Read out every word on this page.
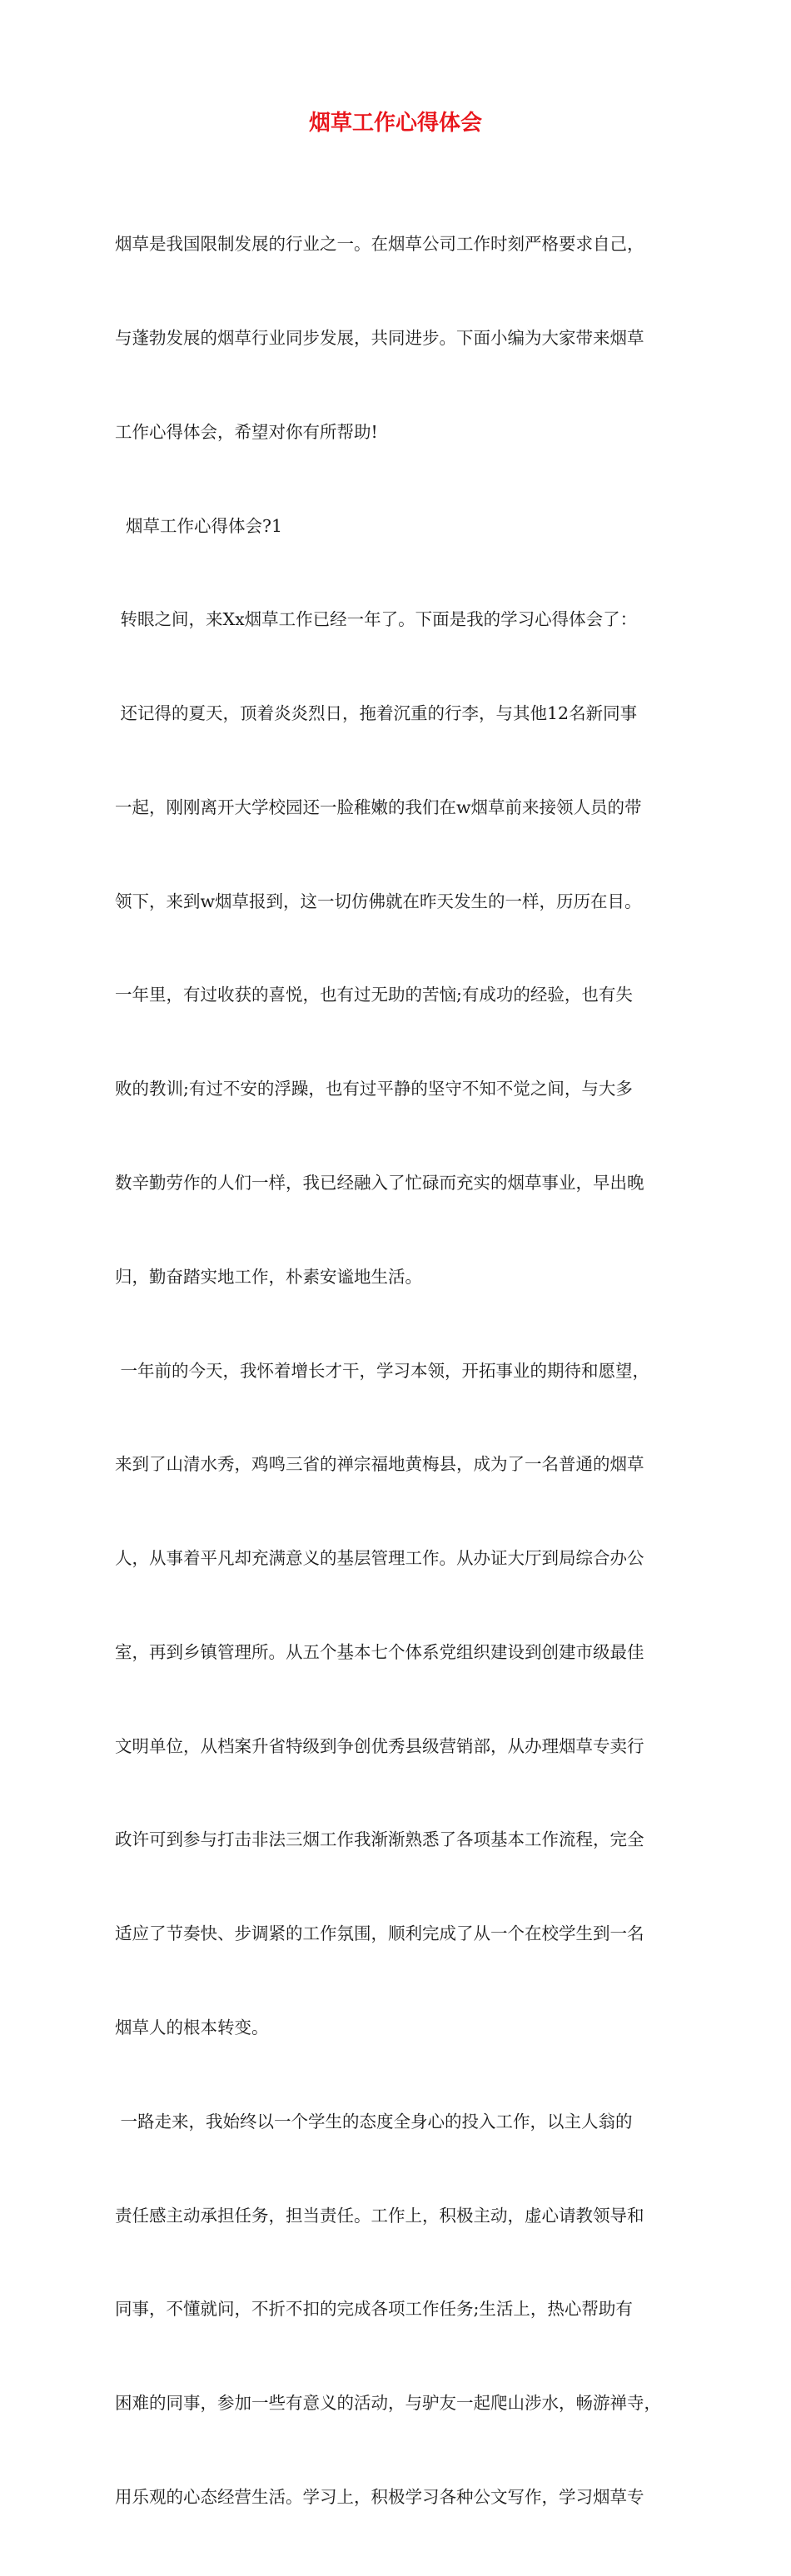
烟草工作心得体会

烟草是我国限制发展的行业之一。在烟草公司工作时刻严格要求自己，

与蓬勃发展的烟草行业同步发展，共同进步。下面小编为大家带来烟草

工作心得体会，希望对你有所帮助!

烟草工作心得体会?1

转眼之间，来Xx烟草工作已经一年了。下面是我的学习心得体会了：

还记得的夏天，顶着炎炎烈日，拖着沉重的行李，与其他12名新同事

一起，刚刚离开大学校园还一脸稚嫩的我们在w烟草前来接领人员的带

领下，来到w烟草报到，这一切仿佛就在昨天发生的一样，历历在目。

一年里，有过收获的喜悦，也有过无助的苦恼;有成功的经验，也有失

败的教训;有过不安的浮躁，也有过平静的坚守不知不觉之间，与大多

数辛勤劳作的人们一样，我已经融入了忙碌而充实的烟草事业，早出晚

归，勤奋踏实地工作，朴素安谧地生活。

一年前的今天，我怀着增长才干，学习本领，开拓事业的期待和愿望，

来到了山清水秀，鸡鸣三省的禅宗福地黄梅县，成为了一名普通的烟草

人，从事着平凡却充满意义的基层管理工作。从办证大厅到局综合办公

室，再到乡镇管理所。从五个基本七个体系党组织建设到创建市级最佳

文明单位，从档案升省特级到争创优秀县级营销部，从办理烟草专卖行

政许可到参与打击非法三烟工作我渐渐熟悉了各项基本工作流程，完全

适应了节奏快、步调紧的工作氛围，顺利完成了从一个在校学生到一名

烟草人的根本转变。

一路走来，我始终以一个学生的态度全身心的投入工作，以主人翁的

责任感主动承担任务，担当责任。工作上，积极主动，虚心请教领导和

同事，不懂就问，不折不扣的完成各项工作任务;生活上，热心帮助有

困难的同事，参加一些有意义的活动，与驴友一起爬山涉水，畅游禅寺，

用乐观的心态经营生活。学习上，积极学习各种公文写作，学习烟草专
